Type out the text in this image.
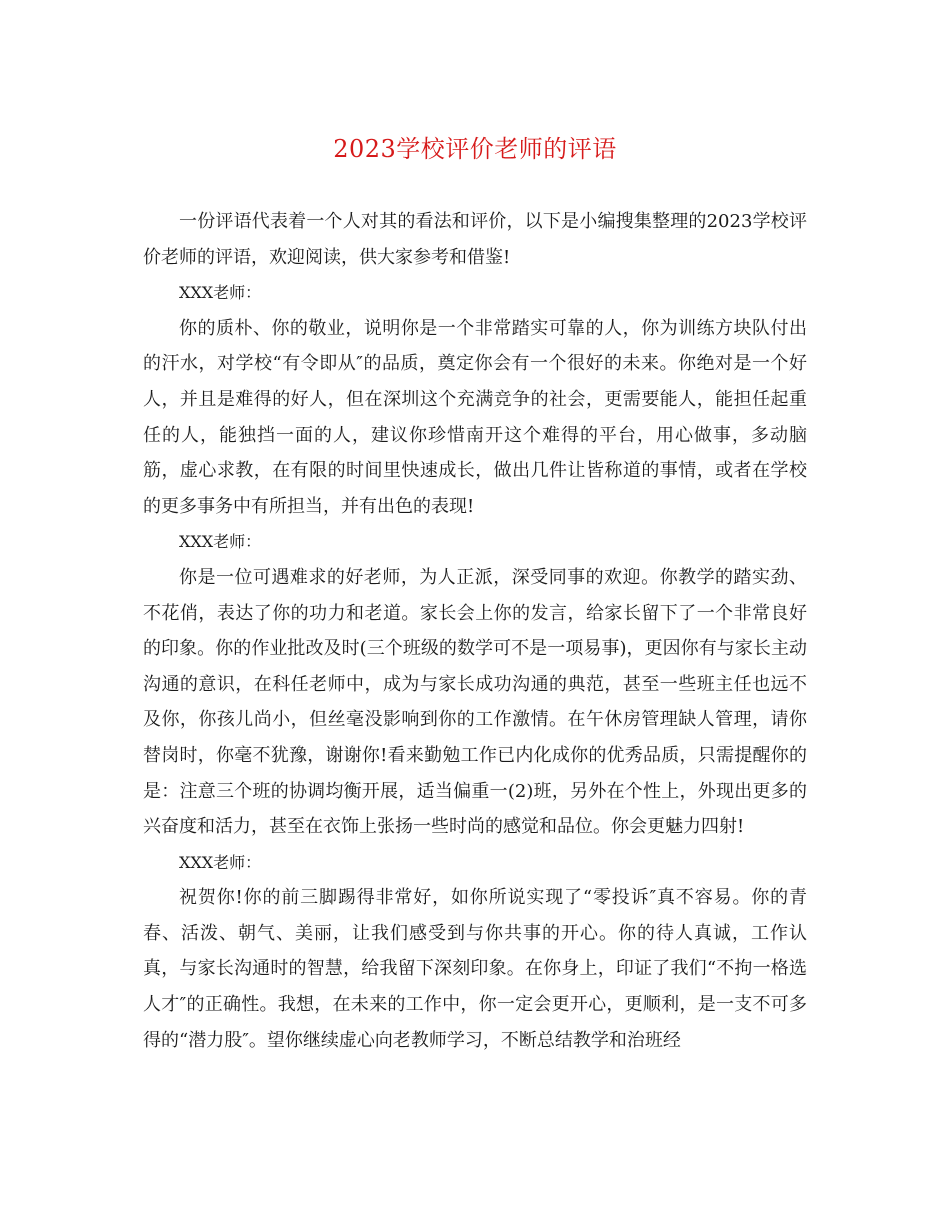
2023学校评价老师的评语

一份评语代表着一个人对其的看法和评价，以下是小编搜集整理的2023学校评价老师的评语，欢迎阅读，供大家参考和借鉴!

XXX老师：

你的质朴、你的敬业，说明你是一个非常踏实可靠的人，你为训练方块队付出的汗水，对学校“有令即从″的品质，奠定你会有一个很好的未来。你绝对是一个好人，并且是难得的好人，但在深圳这个充满竞争的社会，更需要能人，能担任起重任的人，能独挡一面的人，建议你珍惜南开这个难得的平台，用心做事，多动脑筋，虚心求教，在有限的时间里快速成长，做出几件让皆称道的事情，或者在学校的更多事务中有所担当，并有出色的表现!

XXX老师：

你是一位可遇难求的好老师，为人正派，深受同事的欢迎。你教学的踏实劲、不花俏，表达了你的功力和老道。家长会上你的发言，给家长留下了一个非常良好的印象。你的作业批改及时(三个班级的数学可不是一项易事)，更因你有与家长主动沟通的意识，在科任老师中，成为与家长成功沟通的典范，甚至一些班主任也远不及你，你孩儿尚小，但丝毫没影响到你的工作激情。在午休房管理缺人管理，请你替岗时，你毫不犹豫，谢谢你!看来勤勉工作已内化成你的优秀品质，只需提醒你的是：注意三个班的协调均衡开展，适当偏重一(2)班，另外在个性上，外现出更多的兴奋度和活力，甚至在衣饰上张扬一些时尚的感觉和品位。你会更魅力四射!

XXX老师：

祝贺你!你的前三脚踢得非常好，如你所说实现了“零投诉″真不容易。你的青春、活泼、朝气、美丽，让我们感受到与你共事的开心。你的待人真诚，工作认真，与家长沟通时的智慧，给我留下深刻印象。在你身上，印证了我们“不拘一格选人才″的正确性。我想，在未来的工作中，你一定会更开心，更顺利，是一支不可多得的“潜力股″。望你继续虚心向老教师学习，不断总结教学和治班经
